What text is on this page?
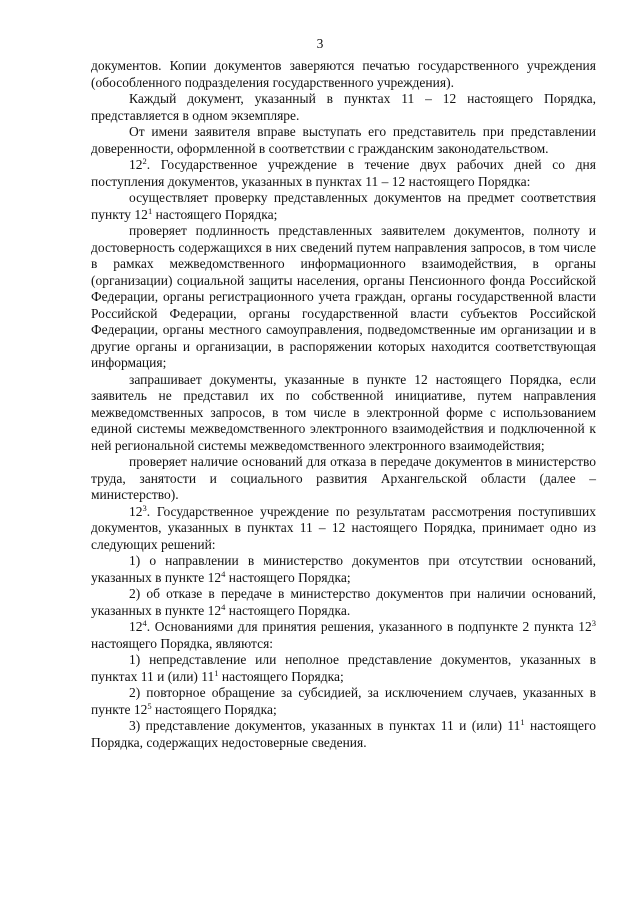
3

документов. Копии документов заверяются печатью государственного учреждения (обособленного подразделения государственного учреждения).

Каждый документ, указанный в пунктах 11 – 12 настоящего Порядка, представляется в одном экземпляре.

От имени заявителя вправе выступать его представитель при представлении доверенности, оформленной в соответствии с гражданским законодательством.

$12^2$. Государственное учреждение в течение двух рабочих дней со дня поступления документов, указанных в пунктах 11 – 12 настоящего Порядка:

осуществляет проверку представленных документов на предмет соответствия пункту $12^1$ настоящего Порядка;

проверяет подлинность представленных заявителем документов, полноту и достоверность содержащихся в них сведений путем направления запросов, в том числе в рамках межведомственного информационного взаимодействия, в органы (организации) социальной защиты населения, органы Пенсионного фонда Российской Федерации, органы регистрационного учета граждан, органы государственной власти Российской Федерации, органы государственной власти субъектов Российской Федерации, органы местного самоуправления, подведомственные им организации и в другие органы и организации, в распоряжении которых находится соответствующая информация;

запрашивает документы, указанные в пункте 12 настоящего Порядка, если заявитель не представил их по собственной инициативе, путем направления межведомственных запросов, в том числе в электронной форме с использованием единой системы межведомственного электронного взаимодействия и подключенной к ней региональной системы межведомственного электронного взаимодействия;

проверяет наличие оснований для отказа в передаче документов в министерство труда, занятости и социального развития Архангельской области (далее – министерство).

$12^3$. Государственное учреждение по результатам рассмотрения поступивших документов, указанных в пунктах 11 – 12 настоящего Порядка, принимает одно из следующих решений:

1) о направлении в министерство документов при отсутствии оснований, указанных в пункте $12^4$ настоящего Порядка;

2) об отказе в передаче в министерство документов при наличии оснований, указанных в пункте $12^4$ настоящего Порядка.

$12^4$. Основаниями для принятия решения, указанного в подпункте 2 пункта $12^3$ настоящего Порядка, являются:

1) непредставление или неполное представление документов, указанных в пунктах 11 и (или) $11^1$ настоящего Порядка;

2) повторное обращение за субсидией, за исключением случаев, указанных в пункте $12^5$ настоящего Порядка;

3) представление документов, указанных в пунктах 11 и (или) $11^1$ настоящего Порядка, содержащих недостоверные сведения.
